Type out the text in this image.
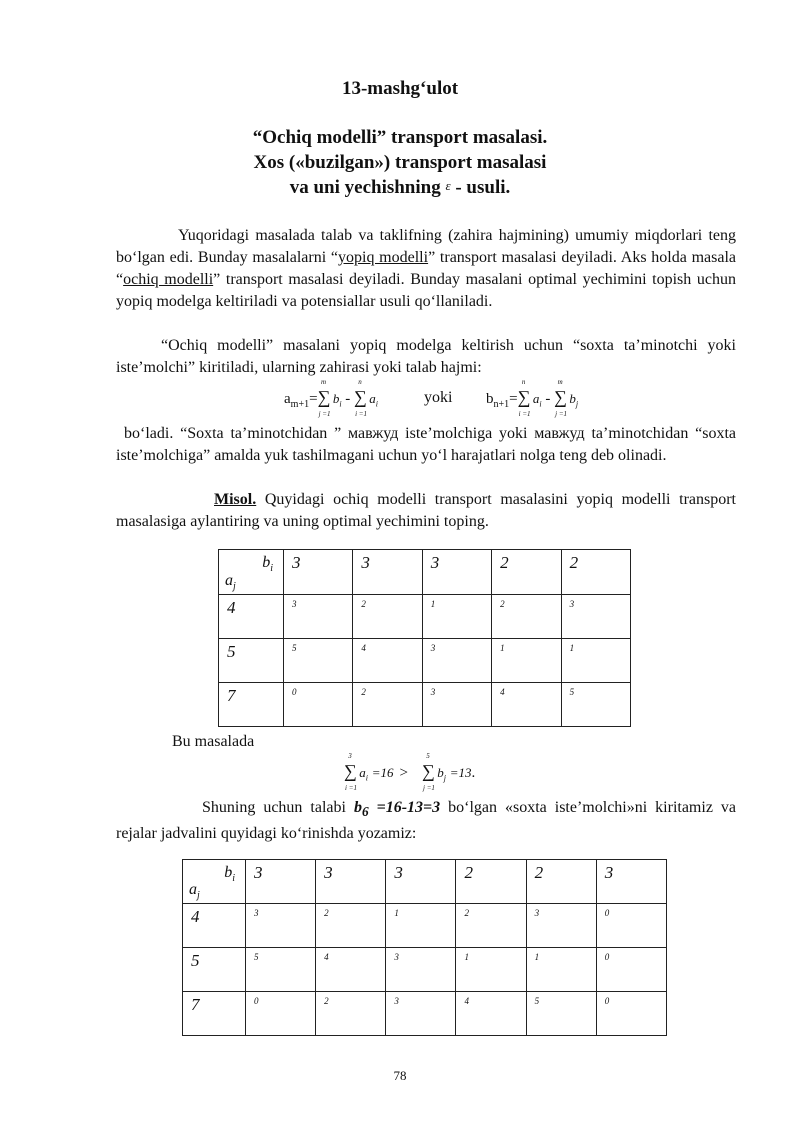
13-mashg‘ulot
“Ochiq modelli” transport masalasi.
Xos («buzilgan») transport masalasi
va uni yechishning ε - usuli.
Yuqoridagi masalada talab va taklifning (zahira hajmining) umumiy miqdorlari teng bo‘lgan edi. Bunday masalalarni “yopiq modelli” transport masalasi deyiladi. Aks holda masala “ochiq modelli” transport masalasi deyiladi. Bunday masalani optimal yechimini topish uchun yopiq modelga keltiriladi va potensiallar usuli qo‘llaniladi.
“Ochiq modelli” masalani yopiq modelga keltirish uchun “soxta ta’minotchi yoki iste’molchi” kiritiladi, ularning zahirasi yoki talab hajmi:
$a_{m+1}=$
m
∑
j =1
$b_i$ -
n
∑
i =1
$a_i$	yoki $b_{n+1}=$
n
∑
i =1
$a_i$ -
m
∑
j =1
$b_j$
bo‘ladi. “Soxta ta’minotchidan ” мавжуд iste’molchiga yoki мавжуд ta’minotchidan “soxta iste’molchiga” amalda yuk tashilmagani uchun yo‘l harajatlari nolga teng deb olinadi.
Misol. Quyidagi ochiq modelli transport masalasini yopiq modelli transport masalasiga aylantiring va uning optimal yechimini toping.
$b_i$
$a_j$	3	3	3	2	2
4	3	2	1	2	3
5	5	4	3	1	1
7	0	2	3	4	5
Bu masalada
3
∑
i =1
$a_i =16$ >
5
∑
j =1
$b_j =13$.
Shuning uchun talabi $b_6 =16-13=3$ bo‘lgan «soxta iste’molchi»ni kiritamiz va rejalar jadvalini quyidagi ko‘rinishda yozamiz:
$b_i$
$a_j$	3	3	3	2	2	3
4	3	2	1	2	3	0
5	5	4	3	1	1	0
7	0	2	3	4	5	0
78
